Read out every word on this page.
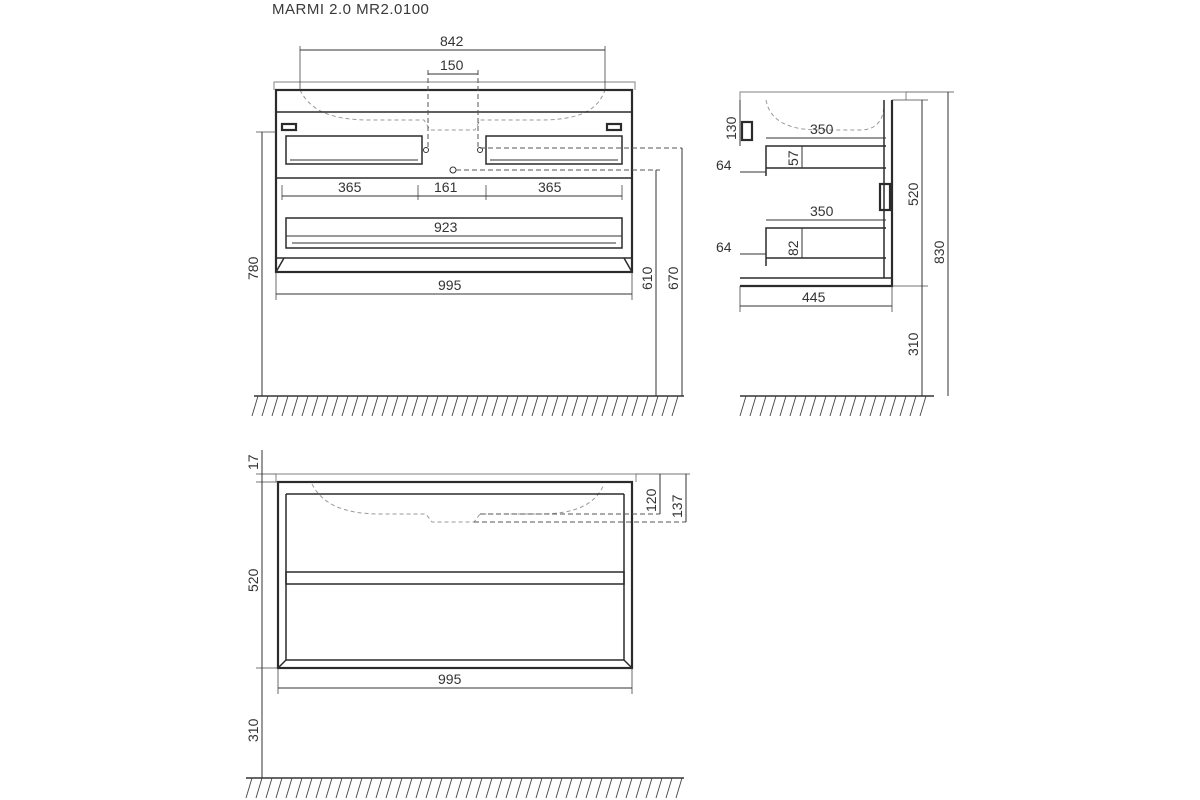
MARMI 2.0 MR2.0100
842
150
365	161	365
923
995
780	610 670
130	350
64	57
350
64	82
445
520
310
830
120 137
17
520
995
310
